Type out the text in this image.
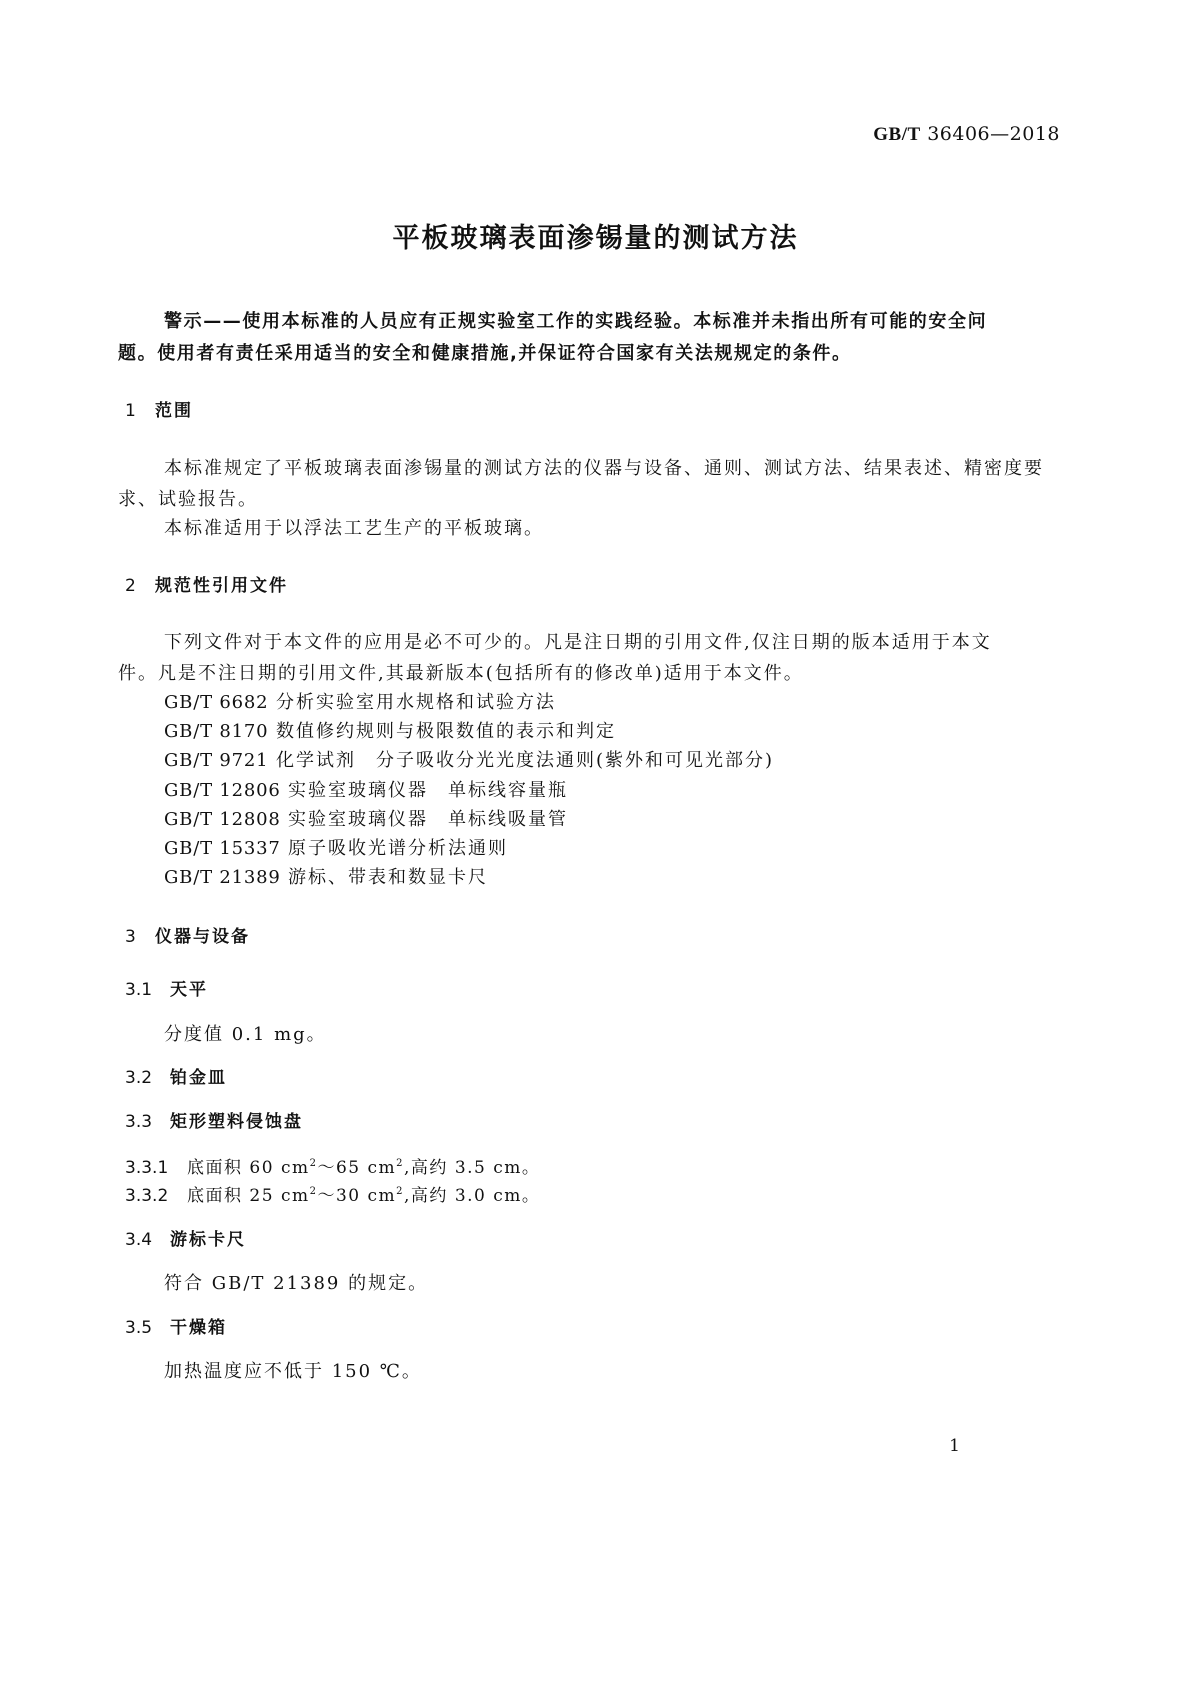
GB/T 36406—2018
平板玻璃表面渗锡量的测试方法
警示——使用本标准的人员应有正规实验室工作的实践经验。本标准并未指出所有可能的安全问
题。使用者有责任采用适当的安全和健康措施,并保证符合国家有关法规规定的条件。
1 范围
本标准规定了平板玻璃表面渗锡量的测试方法的仪器与设备、通则、测试方法、结果表述、精密度要
求、试验报告。
本标准适用于以浮法工艺生产的平板玻璃。
2 规范性引用文件
下列文件对于本文件的应用是必不可少的。凡是注日期的引用文件,仅注日期的版本适用于本文
件。凡是不注日期的引用文件,其最新版本(包括所有的修改单)适用于本文件。
GB/T 6682 分析实验室用水规格和试验方法
GB/T 8170 数值修约规则与极限数值的表示和判定
GB/T 9721 化学试剂　分子吸收分光光度法通则(紫外和可见光部分)
GB/T 12806 实验室玻璃仪器　单标线容量瓶
GB/T 12808 实验室玻璃仪器　单标线吸量管
GB/T 15337 原子吸收光谱分析法通则
GB/T 21389 游标、带表和数显卡尺
3 仪器与设备
3.1 天平
分度值 0.1 mg。
3.2 铂金皿
3.3 矩形塑料侵蚀盘
3.3.1 底面积 60 $cm^2\sim 65$ $cm^2$,高约 3.5 cm。
3.3.2 底面积 25 $cm^2\sim 30$ $cm^2$,高约 3.0 cm。
3.4 游标卡尺
符合 GB/T 21389 的规定。
3.5 干燥箱
加热温度应不低于 150 ℃。
1
